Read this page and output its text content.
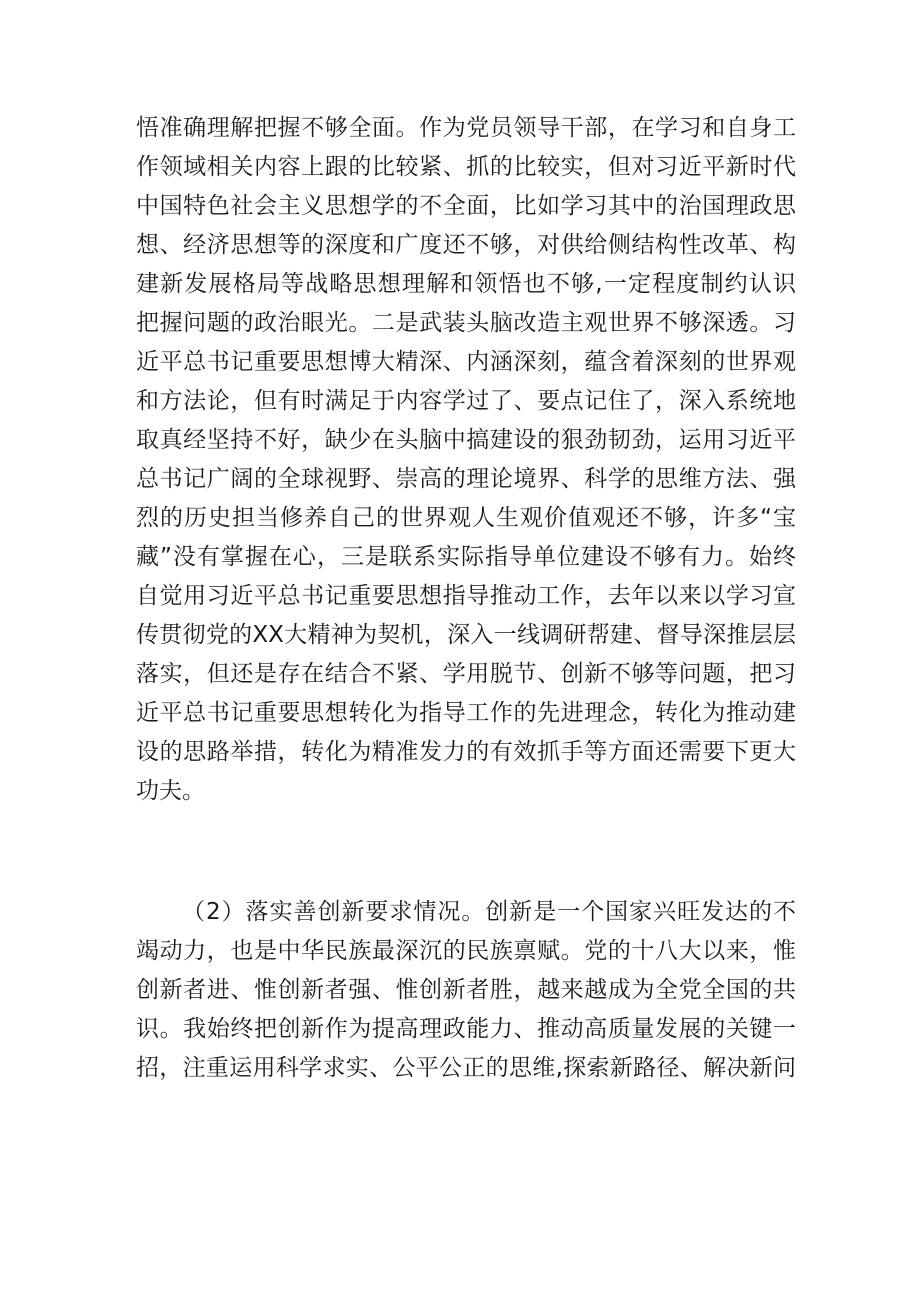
悟准确理解把握不够全面。作为党员领导干部，在学习和自身工
作领域相关内容上跟的比较紧、抓的比较实，但对习近平新时代
中国特色社会主义思想学的不全面，比如学习其中的治国理政思
想、经济思想等的深度和广度还不够，对供给侧结构性改革、构
建新发展格局等战略思想理解和领悟也不够,一定程度制约认识
把握问题的政治眼光。二是武装头脑改造主观世界不够深透。习
近平总书记重要思想博大精深、内涵深刻，蕴含着深刻的世界观
和方法论，但有时满足于内容学过了、要点记住了，深入系统地
取真经坚持不好，缺少在头脑中搞建设的狠劲韧劲，运用习近平
总书记广阔的全球视野、崇高的理论境界、科学的思维方法、强
烈的历史担当修养自己的世界观人生观价值观还不够，许多“宝
藏”没有掌握在心，三是联系实际指导单位建设不够有力。始终
自觉用习近平总书记重要思想指导推动工作，去年以来以学习宣
传贯彻党的XX大精神为契机，深入一线调研帮建、督导深推层层
落实，但还是存在结合不紧、学用脱节、创新不够等问题，把习
近平总书记重要思想转化为指导工作的先进理念，转化为推动建
设的思路举措，转化为精准发力的有效抓手等方面还需要下更大
功夫。
（2）落实善创新要求情况。创新是一个国家兴旺发达的不
竭动力，也是中华民族最深沉的民族禀赋。党的十八大以来，惟
创新者进、惟创新者强、惟创新者胜，越来越成为全党全国的共
识。我始终把创新作为提高理政能力、推动高质量发展的关键一
招，注重运用科学求实、公平公正的思维,探索新路径、解决新问
